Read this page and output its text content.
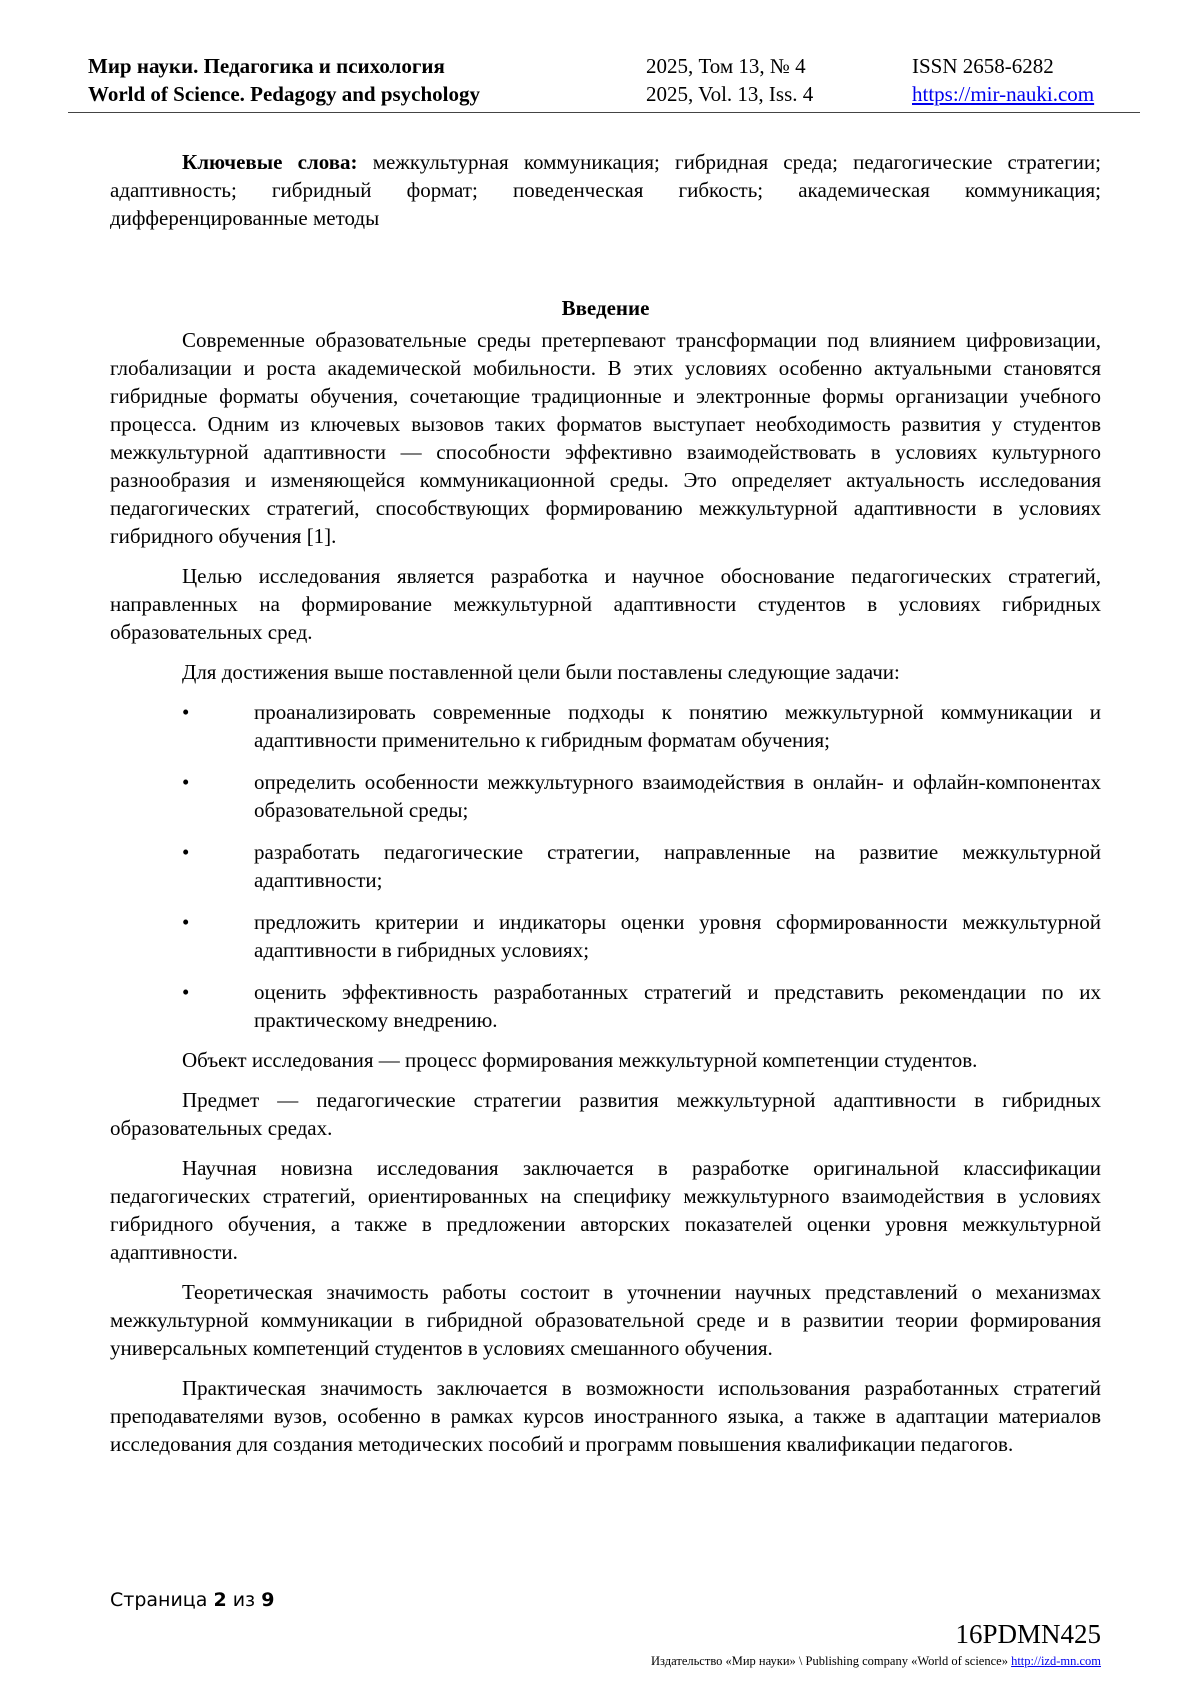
Мир науки. Педагогика и психология
World of Science. Pedagogy and psychology
2025, Том 13, № 4
2025, Vol. 13, Iss. 4
ISSN 2658-6282
https://mir-nauki.com

Ключевые слова: межкультурная коммуникация; гибридная среда; педагогические стратегии; адаптивность; гибридный формат; поведенческая гибкость; академическая коммуникация; дифференцированные методы

Введение

Современные образовательные среды претерпевают трансформации под влиянием цифровизации, глобализации и роста академической мобильности. В этих условиях особенно актуальными становятся гибридные форматы обучения, сочетающие традиционные и электронные формы организации учебного процесса. Одним из ключевых вызовов таких форматов выступает необходимость развития у студентов межкультурной адаптивности — способности эффективно взаимодействовать в условиях культурного разнообразия и изменяющейся коммуникационной среды. Это определяет актуальность исследования педагогических стратегий, способствующих формированию межкультурной адаптивности в условиях гибридного обучения [1].

Целью исследования является разработка и научное обоснование педагогических стратегий, направленных на формирование межкультурной адаптивности студентов в условиях гибридных образовательных сред.

Для достижения выше поставленной цели были поставлены следующие задачи:

•	проанализировать современные подходы к понятию межкультурной коммуникации и адаптивности применительно к гибридным форматам обучения;
•	определить особенности межкультурного взаимодействия в онлайн- и офлайн-компонентах образовательной среды;
•	разработать педагогические стратегии, направленные на развитие межкультурной адаптивности;
•	предложить критерии и индикаторы оценки уровня сформированности межкультурной адаптивности в гибридных условиях;
•	оценить эффективность разработанных стратегий и представить рекомендации по их практическому внедрению.

Объект исследования — процесс формирования межкультурной компетенции студентов.

Предмет — педагогические стратегии развития межкультурной адаптивности в гибридных образовательных средах.

Научная новизна исследования заключается в разработке оригинальной классификации педагогических стратегий, ориентированных на специфику межкультурного взаимодействия в условиях гибридного обучения, а также в предложении авторских показателей оценки уровня межкультурной адаптивности.

Теоретическая значимость работы состоит в уточнении научных представлений о механизмах межкультурной коммуникации в гибридной образовательной среде и в развитии теории формирования универсальных компетенций студентов в условиях смешанного обучения.

Практическая значимость заключается в возможности использования разработанных стратегий преподавателями вузов, особенно в рамках курсов иностранного языка, а также в адаптации материалов исследования для создания методических пособий и программ повышения квалификации педагогов.

Страница 2 из 9
16PDMN425
Издательство «Мир науки» \ Publishing company «World of science» http://izd-mn.com
